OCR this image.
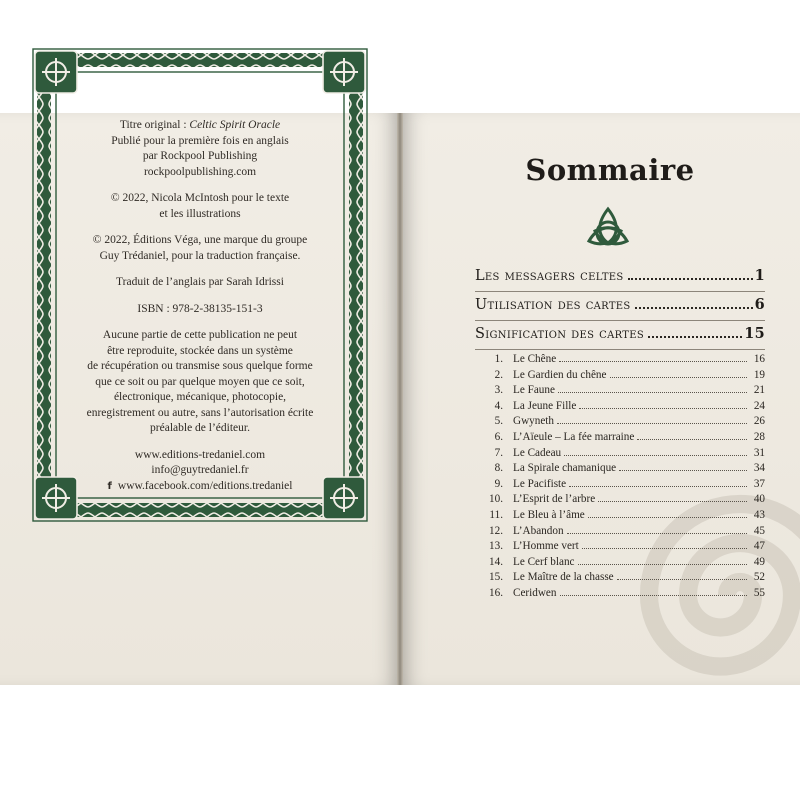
Titre original : Celtic Spirit Oracle
Publié pour la première fois en anglais
par Rockpool Publishing
rockpoolpublishing.com

© 2022, Nicola McIntosh pour le texte
et les illustrations

© 2022, Éditions Véga, une marque du groupe
Guy Trédaniel, pour la traduction française.

Traduit de l’anglais par Sarah Idrissi

ISBN : 978-2-38135-151-3

Aucune partie de cette publication ne peut
être reproduite, stockée dans un système
de récupération ou transmise sous quelque forme
que ce soit ou par quelque moyen que ce soit,
électronique, mécanique, photocopie,
enregistrement ou autre, sans l’autorisation écrite
préalable de l’éditeur.

www.editions-tredaniel.com
info@guytredaniel.fr

f www.facebook.com/editions.tredaniel

Sommaire
Les messagers celtes	1
Utilisation des cartes	6
Signification des cartes	15
1. Le Chêne	16
2. Le Gardien du chêne	19
3. Le Faune	21
4. La Jeune Fille	24
5. Gwyneth	26
6. L’Aïeule – La fée marraine	28
7. Le Cadeau	31
8. La Spirale chamanique	34
9. Le Pacifiste	37
10. L’Esprit de l’arbre	40
11. Le Bleu à l’âme	43
12. L’Abandon	45
13. L’Homme vert	47
14. Le Cerf blanc	49
15. Le Maître de la chasse	52
16. Ceridwen	55
